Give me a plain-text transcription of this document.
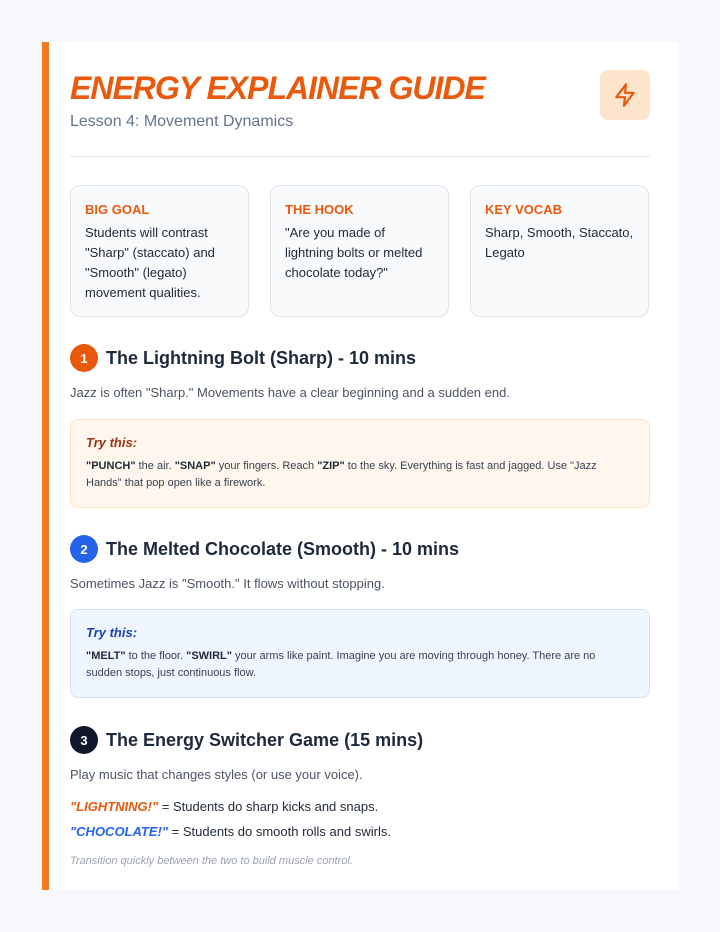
ENERGY EXPLAINER GUIDE
Lesson 4: Movement Dynamics
BIG GOAL
Students will contrast "Sharp" (staccato) and "Smooth" (legato) movement qualities.
THE HOOK
"Are you made of lightning bolts or melted chocolate today?"
KEY VOCAB
Sharp, Smooth, Staccato, Legato
1	The Lightning Bolt (Sharp) - 10 mins
Jazz is often "Sharp." Movements have a clear beginning and a sudden end.
Try this:
"PUNCH" the air. "SNAP" your fingers. Reach "ZIP" to the sky. Everything is fast and jagged. Use "Jazz Hands" that pop open like a firework.
2	The Melted Chocolate (Smooth) - 10 mins
Sometimes Jazz is "Smooth." It flows without stopping.
Try this:
"MELT" to the floor. "SWIRL" your arms like paint. Imagine you are moving through honey. There are no sudden stops, just continuous flow.
3	The Energy Switcher Game (15 mins)
Play music that changes styles (or use your voice).
"LIGHTNING!" = Students do sharp kicks and snaps.
"CHOCOLATE!" = Students do smooth rolls and swirls.
Transition quickly between the two to build muscle control.
